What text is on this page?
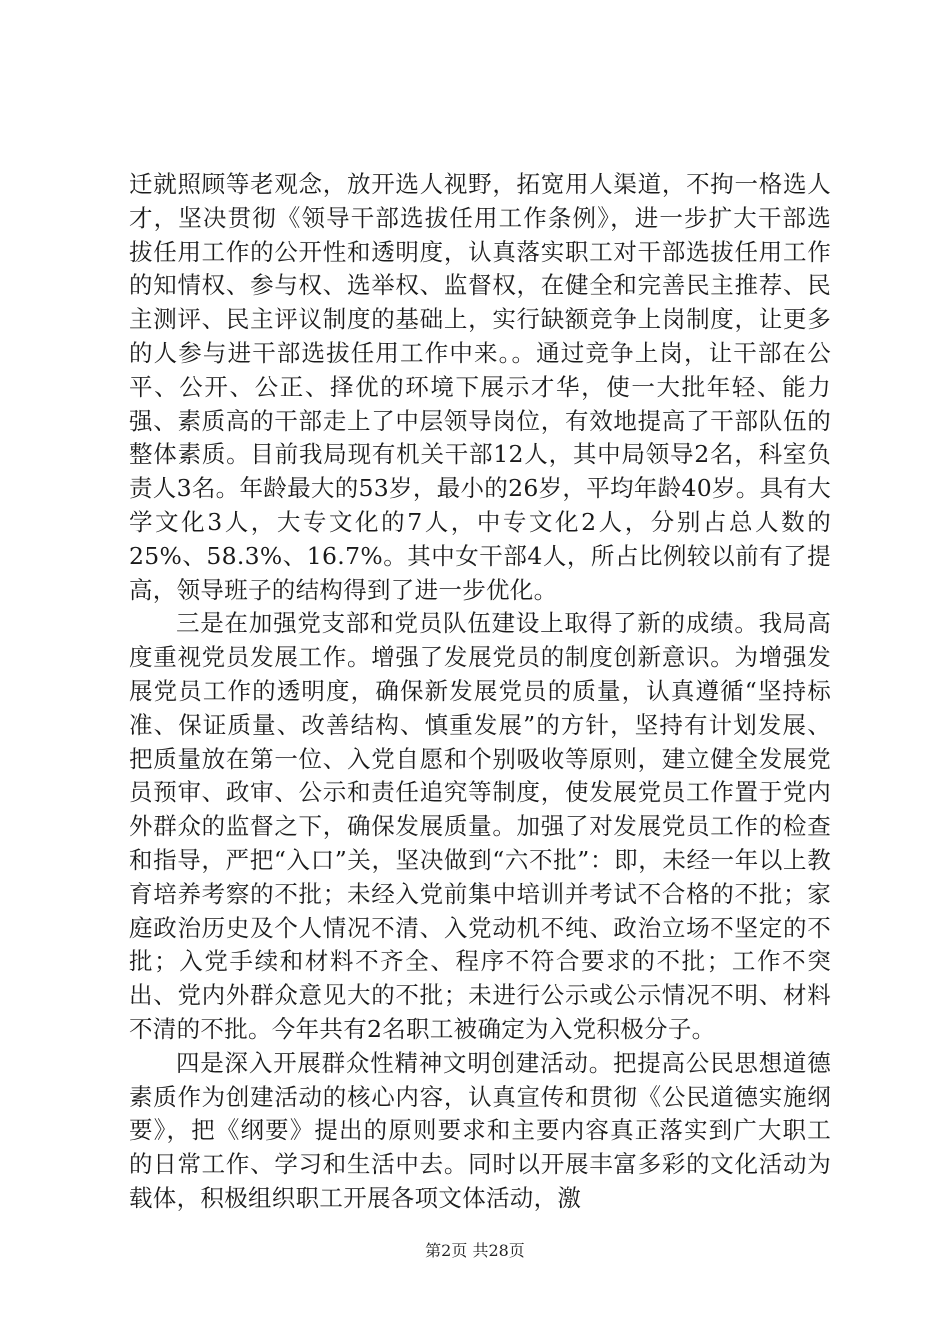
迁就照顾等老观念，放开选人视野，拓宽用人渠道，不拘一格选人才，坚决贯彻《领导干部选拔任用工作条例》，进一步扩大干部选拔任用工作的公开性和透明度，认真落实职工对干部选拔任用工作的知情权、参与权、选举权、监督权，在健全和完善民主推荐、民主测评、民主评议制度的基础上，实行缺额竞争上岗制度，让更多的人参与进干部选拔任用工作中来。。通过竞争上岗，让干部在公平、公开、公正、择优的环境下展示才华，使一大批年轻、能力强、素质高的干部走上了中层领导岗位，有效地提高了干部队伍的整体素质。目前我局现有机关干部12人，其中局领导2名，科室负责人3名。年龄最大的53岁，最小的26岁，平均年龄40岁。具有大学文化3人，大专文化的7人，中专文化2人，分别占总人数的25%、58.3%、16.7%。其中女干部4人，所占比例较以前有了提高，领导班子的结构得到了进一步优化。

三是在加强党支部和党员队伍建设上取得了新的成绩。我局高度重视党员发展工作。增强了发展党员的制度创新意识。为增强发展党员工作的透明度，确保新发展党员的质量，认真遵循“坚持标准、保证质量、改善结构、慎重发展”的方针，坚持有计划发展、把质量放在第一位、入党自愿和个别吸收等原则，建立健全发展党员预审、政审、公示和责任追究等制度，使发展党员工作置于党内外群众的监督之下，确保发展质量。加强了对发展党员工作的检查和指导，严把“入口”关，坚决做到“六不批”：即，未经一年以上教育培养考察的不批；未经入党前集中培训并考试不合格的不批；家庭政治历史及个人情况不清、入党动机不纯、政治立场不坚定的不批；入党手续和材料不齐全、程序不符合要求的不批；工作不突出、党内外群众意见大的不批；未进行公示或公示情况不明、材料不清的不批。今年共有2名职工被确定为入党积极分子。

四是深入开展群众性精神文明创建活动。把提高公民思想道德素质作为创建活动的核心内容，认真宣传和贯彻《公民道德实施纲要》，把《纲要》提出的原则要求和主要内容真正落实到广大职工的日常工作、学习和生活中去。同时以开展丰富多彩的文化活动为载体，积极组织职工开展各项文体活动，激

第2页 共28页
